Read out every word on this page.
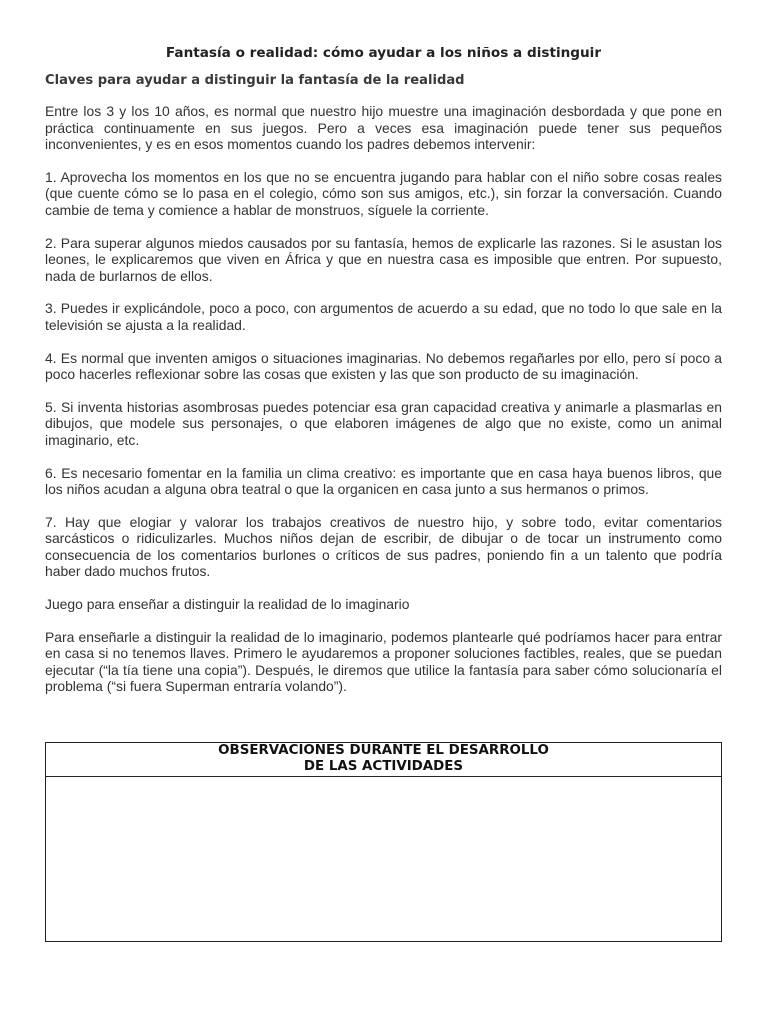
Fantasía o realidad: cómo ayudar a los niños a distinguir
Claves para ayudar a distinguir la fantasía de la realidad

Entre los 3 y los 10 años, es normal que nuestro hijo muestre una imaginación desbordada y que pone en práctica continuamente en sus juegos. Pero a veces esa imaginación puede tener sus pequeños inconvenientes, y es en esos momentos cuando los padres debemos intervenir:

1. Aprovecha los momentos en los que no se encuentra jugando para hablar con el niño sobre cosas reales (que cuente cómo se lo pasa en el colegio, cómo son sus amigos, etc.), sin forzar la conversación. Cuando cambie de tema y comience a hablar de monstruos, síguele la corriente.

2. Para superar algunos miedos causados por su fantasía, hemos de explicarle las razones. Si le asustan los leones, le explicaremos que viven en África y que en nuestra casa es imposible que entren. Por supuesto, nada de burlarnos de ellos.

3. Puedes ir explicándole, poco a poco, con argumentos de acuerdo a su edad, que no todo lo que sale en la televisión se ajusta a la realidad.

4. Es normal que inventen amigos o situaciones imaginarias. No debemos regañarles por ello, pero sí poco a poco hacerles reflexionar sobre las cosas que existen y las que son producto de su imaginación.

5. Si inventa historias asombrosas puedes potenciar esa gran capacidad creativa y animarle a plasmarlas en dibujos, que modele sus personajes, o que elaboren imágenes de algo que no existe, como un animal imaginario, etc.

6. Es necesario fomentar en la familia un clima creativo: es importante que en casa haya buenos libros, que los niños acudan a alguna obra teatral o que la organicen en casa junto a sus hermanos o primos.

7. Hay que elogiar y valorar los trabajos creativos de nuestro hijo, y sobre todo, evitar comentarios sarcásticos o ridiculizarles. Muchos niños dejan de escribir, de dibujar o de tocar un instrumento como consecuencia de los comentarios burlones o críticos de sus padres, poniendo fin a un talento que podría haber dado muchos frutos.

Juego para enseñar a distinguir la realidad de lo imaginario

Para enseñarle a distinguir la realidad de lo imaginario, podemos plantearle qué podríamos hacer para entrar en casa si no tenemos llaves. Primero le ayudaremos a proponer soluciones factibles, reales, que se puedan ejecutar (“la tía tiene una copia”). Después, le diremos que utilice la fantasía para saber cómo solucionaría el problema (“si fuera Superman entraría volando”).

OBSERVACIONES DURANTE EL DESARROLLO
DE LAS ACTIVIDADES
